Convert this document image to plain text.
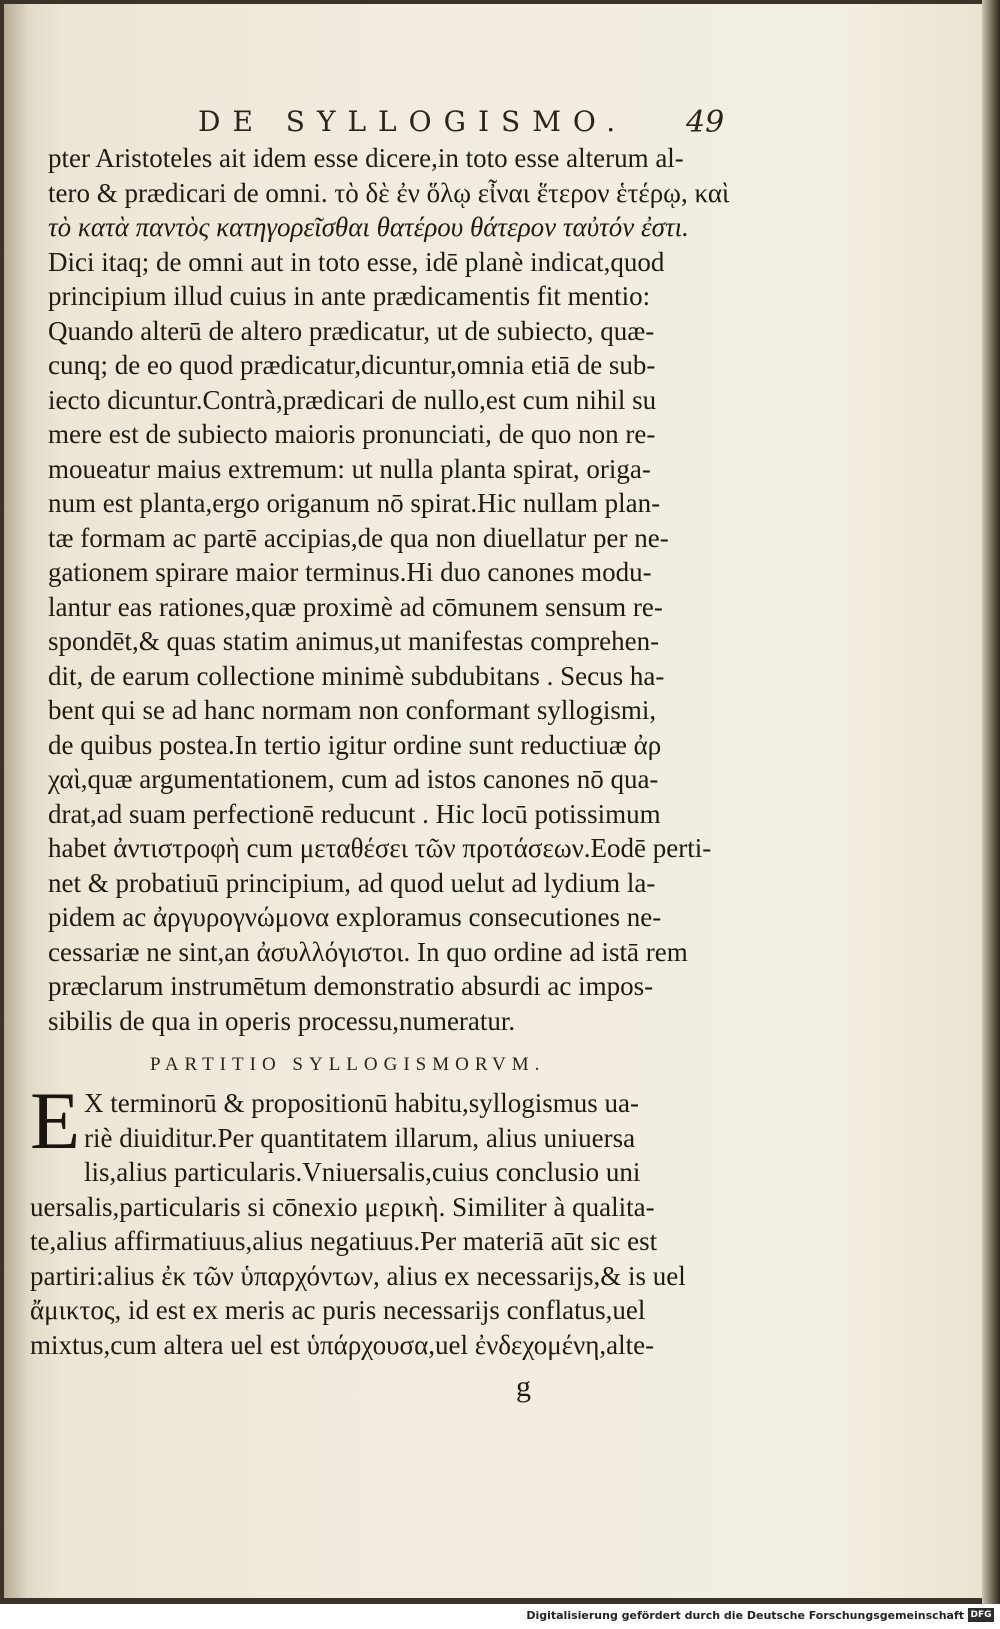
DE SYLLOGISMO. 49
pter Aristoteles ait idem esse dicere,in toto esse alterum al-
tero & prædicari de omni. τὸ δὲ ἐν ὅλῳ εἶναι ἕτερον ἑτέρῳ, καὶ
τὸ κατὰ παντὸς κατηγορεῖσθαι θατέρου θάτερον ταὐτόν ἐστι.
Dici itaq; de omni aut in toto esse, idē planè indicat,quod
principium illud cuius in ante prædicamentis fit mentio:
Quando alterū de altero prædicatur, ut de subiecto, quæ-
cunq; de eo quod prædicatur,dicuntur,omnia etiā de sub-
iecto dicuntur.Contrà,prædicari de nullo,est cum nihil su
mere est de subiecto maioris pronunciati, de quo non re-
moueatur maius extremum: ut nulla planta spirat, origa-
num est planta,ergo origanum nō spirat.Hic nullam plan-
tæ formam ac partē accipias,de qua non diuellatur per ne-
gationem spirare maior terminus.Hi duo canones modu-
lantur eas rationes,quæ proximè ad cōmunem sensum re-
spondēt,& quas statim animus,ut manifestas comprehen-
dit, de earum collectione minimè subdubitans . Secus ha-
bent qui se ad hanc normam non conformant syllogismi,
de quibus postea.In tertio igitur ordine sunt reductiuæ ἀρ
χαὶ,quæ argumentationem, cum ad istos canones nō qua-
drat,ad suam perfectionē reducunt . Hic locū potissimum
habet ἀντιστροφὴ cum μεταθέσει τῶν προτάσεων.Eodē perti-
net & probatiuū principium, ad quod uelut ad lydium la-
pidem ac ἀργυρογνώμονα exploramus consecutiones ne-
cessariæ ne sint,an ἀσυλλόγιστοι. In quo ordine ad istā rem
præclarum instrumētum demonstratio absurdi ac impos-
sibilis de qua in operis processu,numeratur.
PARTITIO SYLLOGISMORVM.
E X terminorū & propositionū habitu,syllogismus ua-
riè diuiditur.Per quantitatem illarum, alius uniuersa
lis,alius particularis.Vniuersalis,cuius conclusio uni
uersalis,particularis si cōnexio μερικὴ. Similiter à qualita-
te,alius affirmatiuus,alius negatiuus.Per materiā aūt sic est
partiri:alius ἐκ τῶν ὑπαρχόντων, alius ex necessarijs,& is uel
ἄμικτος, id est ex meris ac puris necessarijs conflatus,uel
mixtus,cum altera uel est ὑπάρχουσα,uel ἐνδεχομένη,alte-
g
Digitalisierung gefördert durch die Deutsche Forschungsgemeinschaft DFG
